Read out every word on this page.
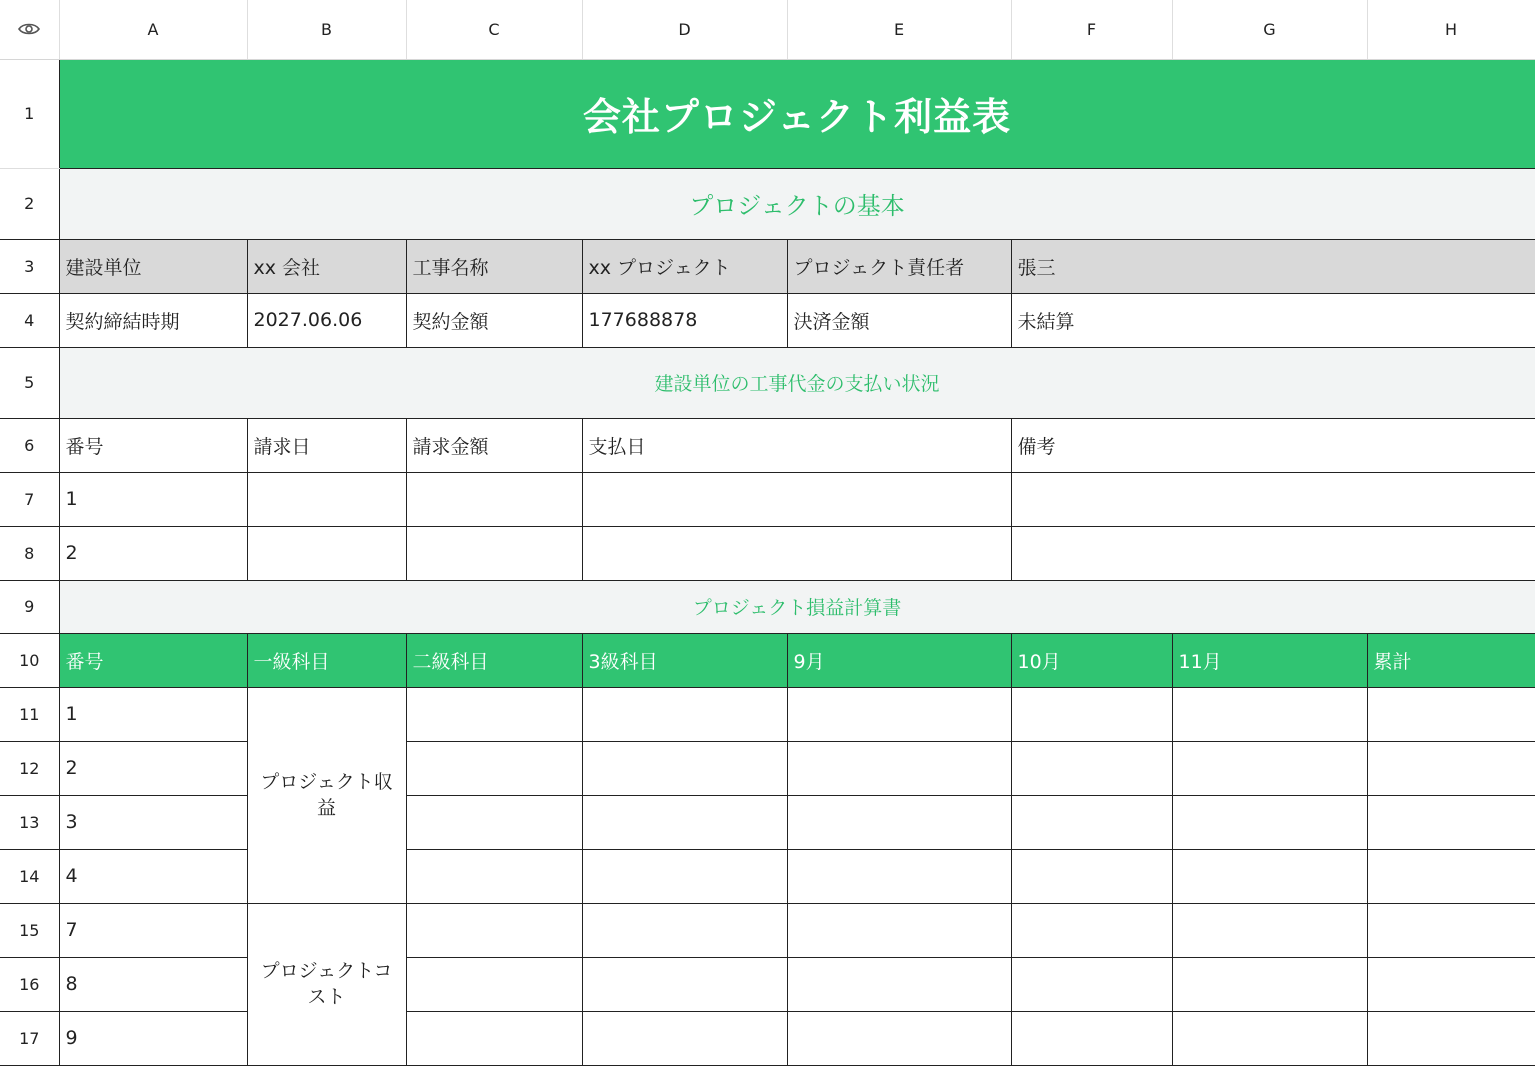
	A	B	C	D	E	F	G	H
1	会社プロジェクト利益表							
2	プロジェクトの基本							
3	建設単位	xx 会社	工事名称	xx プロジェクト	プロジェクト責任者	張三		
4	契約締結時期	2027.06.06	契約金額	177688878	決済金額	未結算		
5	建設単位の工事代金の支払い状況							
6	番号	請求日	請求金額	支払日		備考		
7	1							
8	2							
9	プロジェクト損益計算書							
10	番号	一級科目	二級科目	3級科目	9月	10月	11月	累計
11	1	プロジェクト収益						
12	2							
13	3							
14	4							
15	7	プロジェクトコスト						
16	8							
17	9							
